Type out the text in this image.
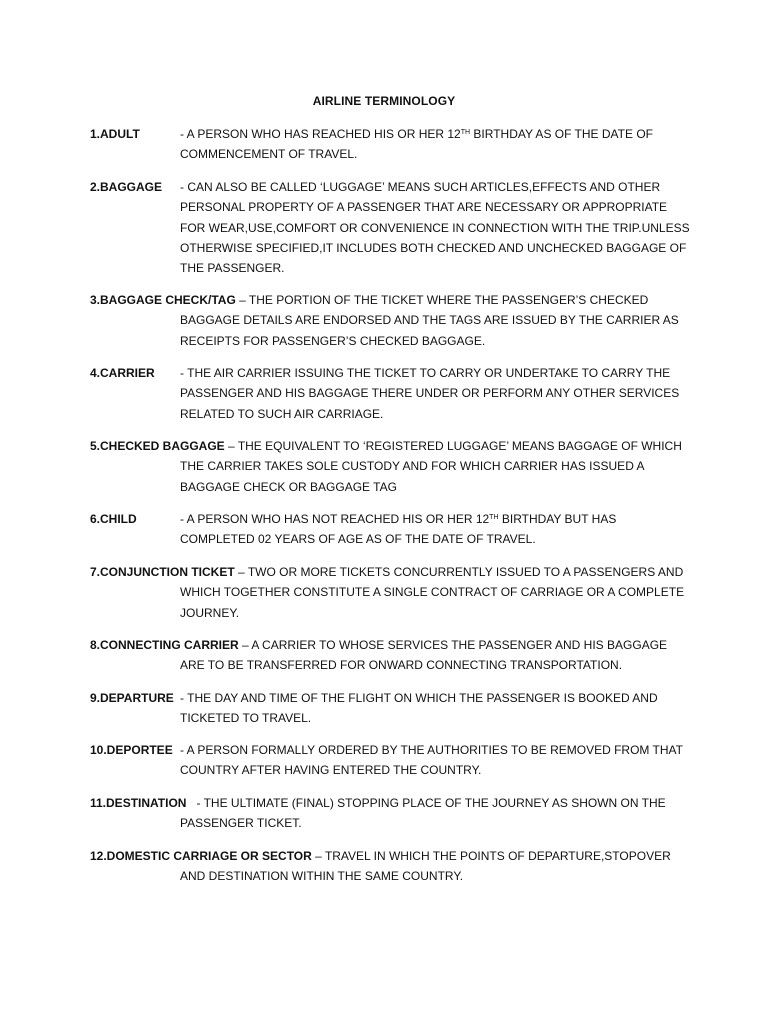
AIRLINE TERMINOLOGY
1.ADULT	- A PERSON WHO HAS REACHED HIS OR HER 12TH BIRTHDAY AS OF THE DATE OF COMMENCEMENT OF TRAVEL.
2.BAGGAGE - CAN ALSO BE CALLED ‘LUGGAGE’ MEANS SUCH ARTICLES,EFFECTS AND OTHER PERSONAL PROPERTY OF A PASSENGER THAT ARE NECESSARY OR APPROPRIATE FOR WEAR,USE,COMFORT OR CONVENIENCE IN CONNECTION WITH THE TRIP.UNLESS OTHERWISE SPECIFIED,IT INCLUDES BOTH CHECKED AND UNCHECKED BAGGAGE OF THE PASSENGER.
3.BAGGAGE CHECK/TAG – THE PORTION OF THE TICKET WHERE THE PASSENGER’S CHECKED BAGGAGE DETAILS ARE ENDORSED AND THE TAGS ARE ISSUED BY THE CARRIER AS RECEIPTS FOR PASSENGER’S CHECKED BAGGAGE.
4.CARRIER - THE AIR CARRIER ISSUING THE TICKET TO CARRY OR UNDERTAKE TO CARRY THE PASSENGER AND HIS BAGGAGE THERE UNDER OR PERFORM ANY OTHER SERVICES RELATED TO SUCH AIR CARRIAGE.
5.CHECKED BAGGAGE – THE EQUIVALENT TO ‘REGISTERED LUGGAGE’ MEANS BAGGAGE OF WHICH THE CARRIER TAKES SOLE CUSTODY AND FOR WHICH CARRIER HAS ISSUED A BAGGAGE CHECK OR BAGGAGE TAG
6.CHILD	- A PERSON WHO HAS NOT REACHED HIS OR HER 12TH BIRTHDAY BUT HAS COMPLETED 02 YEARS OF AGE AS OF THE DATE OF TRAVEL.
7.CONJUNCTION TICKET – TWO OR MORE TICKETS CONCURRENTLY ISSUED TO A PASSENGERS AND WHICH TOGETHER CONSTITUTE A SINGLE CONTRACT OF CARRIAGE OR A COMPLETE JOURNEY.
8.CONNECTING CARRIER – A CARRIER TO WHOSE SERVICES THE PASSENGER AND HIS BAGGAGE ARE TO BE TRANSFERRED FOR ONWARD CONNECTING TRANSPORTATION.
9.DEPARTURE - THE DAY AND TIME OF THE FLIGHT ON WHICH THE PASSENGER IS BOOKED AND TICKETED TO TRAVEL.
10.DEPORTEE - A PERSON FORMALLY ORDERED BY THE AUTHORITIES TO BE REMOVED FROM THAT COUNTRY AFTER HAVING ENTERED THE COUNTRY.
11.DESTINATION   - THE ULTIMATE (FINAL) STOPPING PLACE OF THE JOURNEY AS SHOWN ON THE PASSENGER TICKET.
12.DOMESTIC CARRIAGE OR SECTOR – TRAVEL IN WHICH THE POINTS OF DEPARTURE,STOPOVER AND DESTINATION WITHIN THE SAME COUNTRY.
